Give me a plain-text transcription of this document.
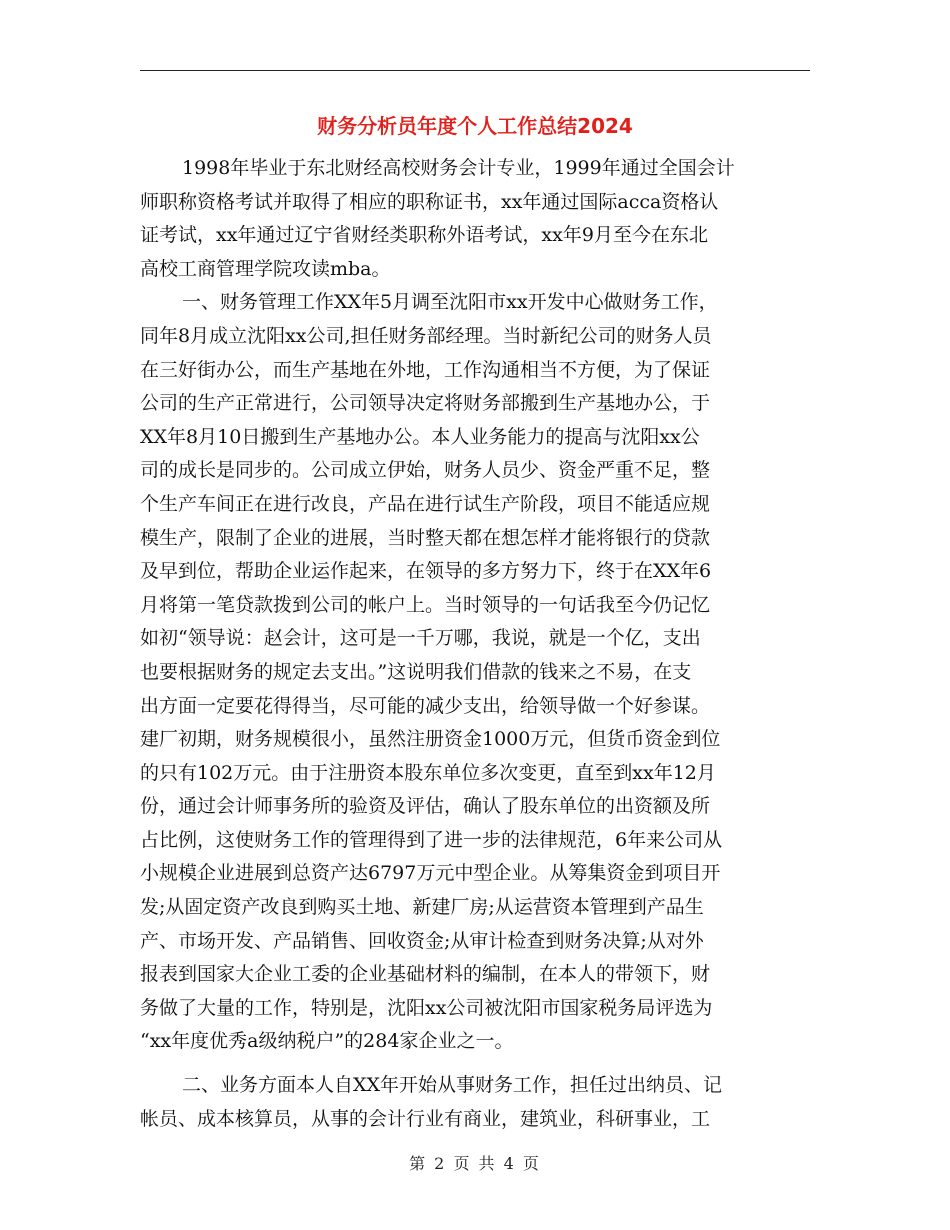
财务分析员年度个人工作总结2024
1998年毕业于东北财经高校财务会计专业，1999年通过全国会计
师职称资格考试并取得了相应的职称证书，xx年通过国际acca资格认
证考试，xx年通过辽宁省财经类职称外语考试，xx年9月至今在东北
高校工商管理学院攻读mba。
一、财务管理工作XX年5月调至沈阳市xx开发中心做财务工作，
同年8月成立沈阳xx公司,担任财务部经理。当时新纪公司的财务人员
在三好街办公，而生产基地在外地，工作沟通相当不方便，为了保证
公司的生产正常进行，公司领导决定将财务部搬到生产基地办公，于
XX年8月10日搬到生产基地办公。本人业务能力的提高与沈阳xx公
司的成长是同步的。公司成立伊始，财务人员少、资金严重不足，整
个生产车间正在进行改良，产品在进行试生产阶段，项目不能适应规
模生产，限制了企业的进展，当时整天都在想怎样才能将银行的贷款
及早到位，帮助企业运作起来，在领导的多方努力下，终于在XX年6
月将第一笔贷款拨到公司的帐户上。当时领导的一句话我至今仍记忆
如初“领导说：赵会计，这可是一千万哪，我说，就是一个亿，支出
也要根据财务的规定去支出。”这说明我们借款的钱来之不易，在支
出方面一定要花得得当，尽可能的减少支出，给领导做一个好参谋。
建厂初期，财务规模很小，虽然注册资金1000万元，但货币资金到位
的只有102万元。由于注册资本股东单位多次变更，直至到xx年12月
份，通过会计师事务所的验资及评估，确认了股东单位的出资额及所
占比例，这使财务工作的管理得到了进一步的法律规范，6年来公司从
小规模企业进展到总资产达6797万元中型企业。从筹集资金到项目开
发;从固定资产改良到购买土地、新建厂房;从运营资本管理到产品生
产、市场开发、产品销售、回收资金;从审计检查到财务决算;从对外
报表到国家大企业工委的企业基础材料的编制，在本人的带领下，财
务做了大量的工作，特别是，沈阳xx公司被沈阳市国家税务局评选为
“xx年度优秀a级纳税户”的284家企业之一。
二、业务方面本人自XX年开始从事财务工作，担任过出纳员、记
帐员、成本核算员，从事的会计行业有商业，建筑业，科研事业，工
第 2 页 共 4 页
